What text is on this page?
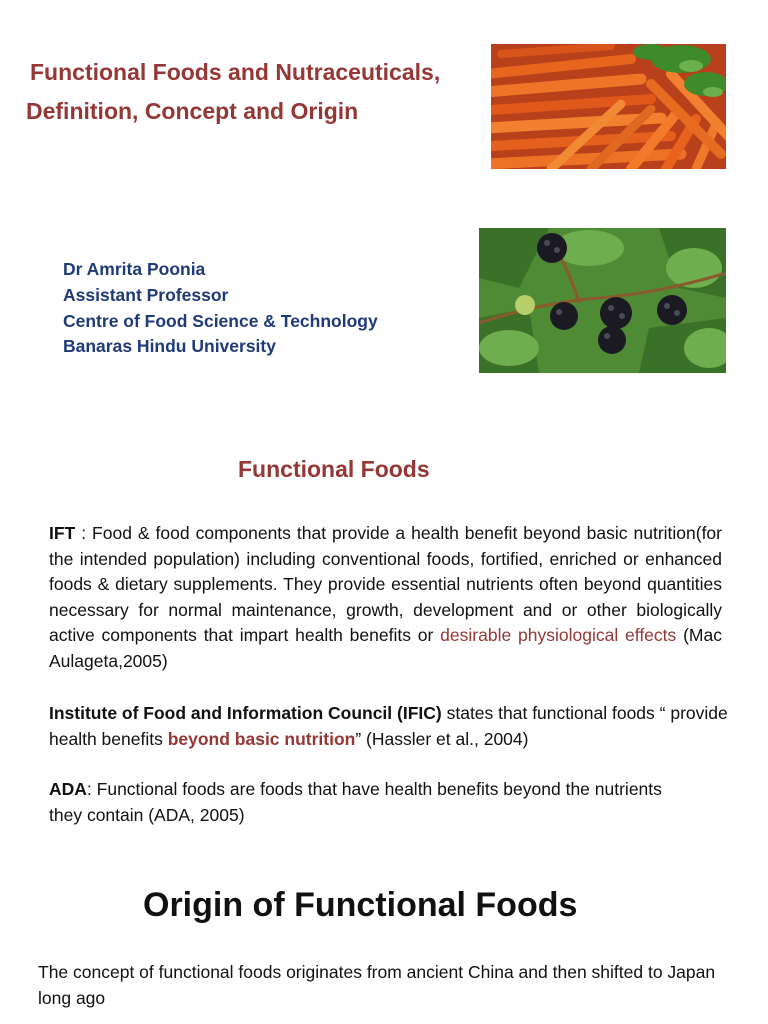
Functional Foods and Nutraceuticals,
Definition, Concept and Origin
Dr Amrita Poonia
Assistant Professor
Centre of Food Science & Technology
Banaras Hindu University
Functional Foods
IFT : Food & food components that provide a health benefit beyond basic nutrition(for the intended population) including conventional foods, fortified, enriched or enhanced foods & dietary supplements. They provide essential nutrients often beyond quantities necessary for normal maintenance, growth, development and or other biologically active components that impart health benefits or desirable physiological effects (Mac Aulageta,2005)
Institute of Food and Information Council (IFIC) states that functional foods “ provide health benefits beyond basic nutrition” (Hassler et al., 2004)
ADA: Functional foods are foods that have health benefits beyond the nutrients they contain (ADA, 2005)
Origin of Functional Foods
The concept of functional foods originates from ancient China and then shifted to Japan long ago
